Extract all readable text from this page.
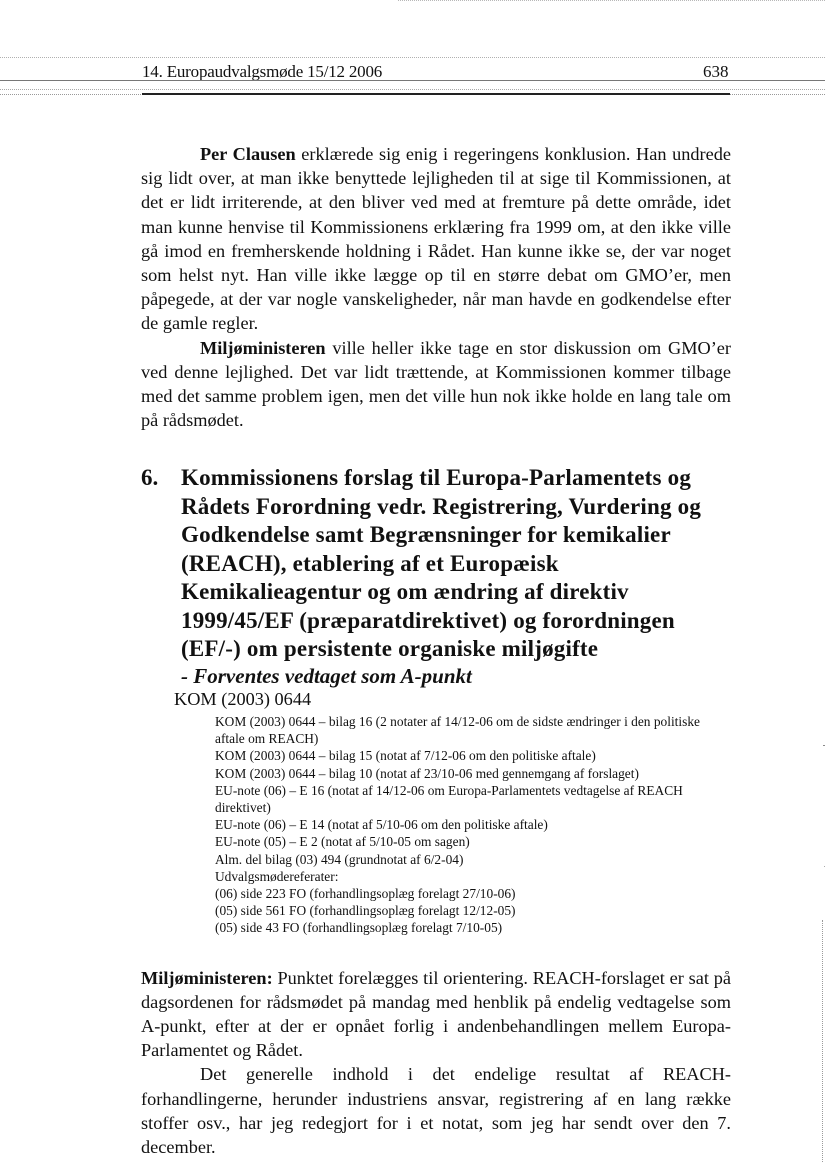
14. Europaudvalgsmøde 15/12 2006	638

Per Clausen erklærede sig enig i regeringens konklusion. Han undrede sig lidt over, at man ikke benyttede lejligheden til at sige til Kommissionen, at det er lidt irriterende, at den bliver ved med at fremture på dette område, idet man kunne henvise til Kommissionens erklæring fra 1999 om, at den ikke ville gå imod en fremherskende holdning i Rådet. Han kunne ikke se, der var noget som helst nyt. Han ville ikke lægge op til en større debat om GMO’er, men påpegede, at der var nogle vanskeligheder, når man havde en godkendelse efter de gamle regler.

Miljøministeren ville heller ikke tage en stor diskussion om GMO’er ved denne lejlighed. Det var lidt trættende, at Kommissionen kommer tilbage med det samme problem igen, men det ville hun nok ikke holde en lang tale om på rådsmødet.

6. Kommissionens forslag til Europa-Parlamentets og Rådets Forordning vedr. Registrering, Vurdering og Godkendelse samt Begrænsninger for kemikalier (REACH), etablering af et Europæisk Kemikalieagentur og om ændring af direktiv 1999/45/EF (præparatdirektivet) og forordningen (EF/-) om persistente organiske miljøgifte
- Forventes vedtaget som A-punkt
KOM (2003) 0644
KOM (2003) 0644 – bilag 16 (2 notater af 14/12-06 om de sidste ændringer i den politiske aftale om REACH)
KOM (2003) 0644 – bilag 15 (notat af 7/12-06 om den politiske aftale)
KOM (2003) 0644 – bilag 10 (notat af 23/10-06 med gennemgang af forslaget)
EU-note (06) – E 16 (notat af 14/12-06 om Europa-Parlamentets vedtagelse af REACH direktivet)
EU-note (06) – E 14 (notat af 5/10-06 om den politiske aftale)
EU-note (05) – E 2 (notat af 5/10-05 om sagen)
Alm. del bilag (03) 494 (grundnotat af 6/2-04)
Udvalgsmødereferater:
(06) side 223 FO (forhandlingsoplæg forelagt 27/10-06)
(05) side 561 FO (forhandlingsoplæg forelagt 12/12-05)
(05) side 43 FO (forhandlingsoplæg forelagt 7/10-05)

Miljøministeren: Punktet forelægges til orientering. REACH-forslaget er sat på dagsordenen for rådsmødet på mandag med henblik på endelig vedtagelse som A-punkt, efter at der er opnået forlig i andenbehandlingen mellem Europa-Parlamentet og Rådet.

Det generelle indhold i det endelige resultat af REACH-forhandlingerne, herunder industriens ansvar, registrering af en lang række stoffer osv., har jeg redegjort for i et notat, som jeg har sendt over den 7. december.
